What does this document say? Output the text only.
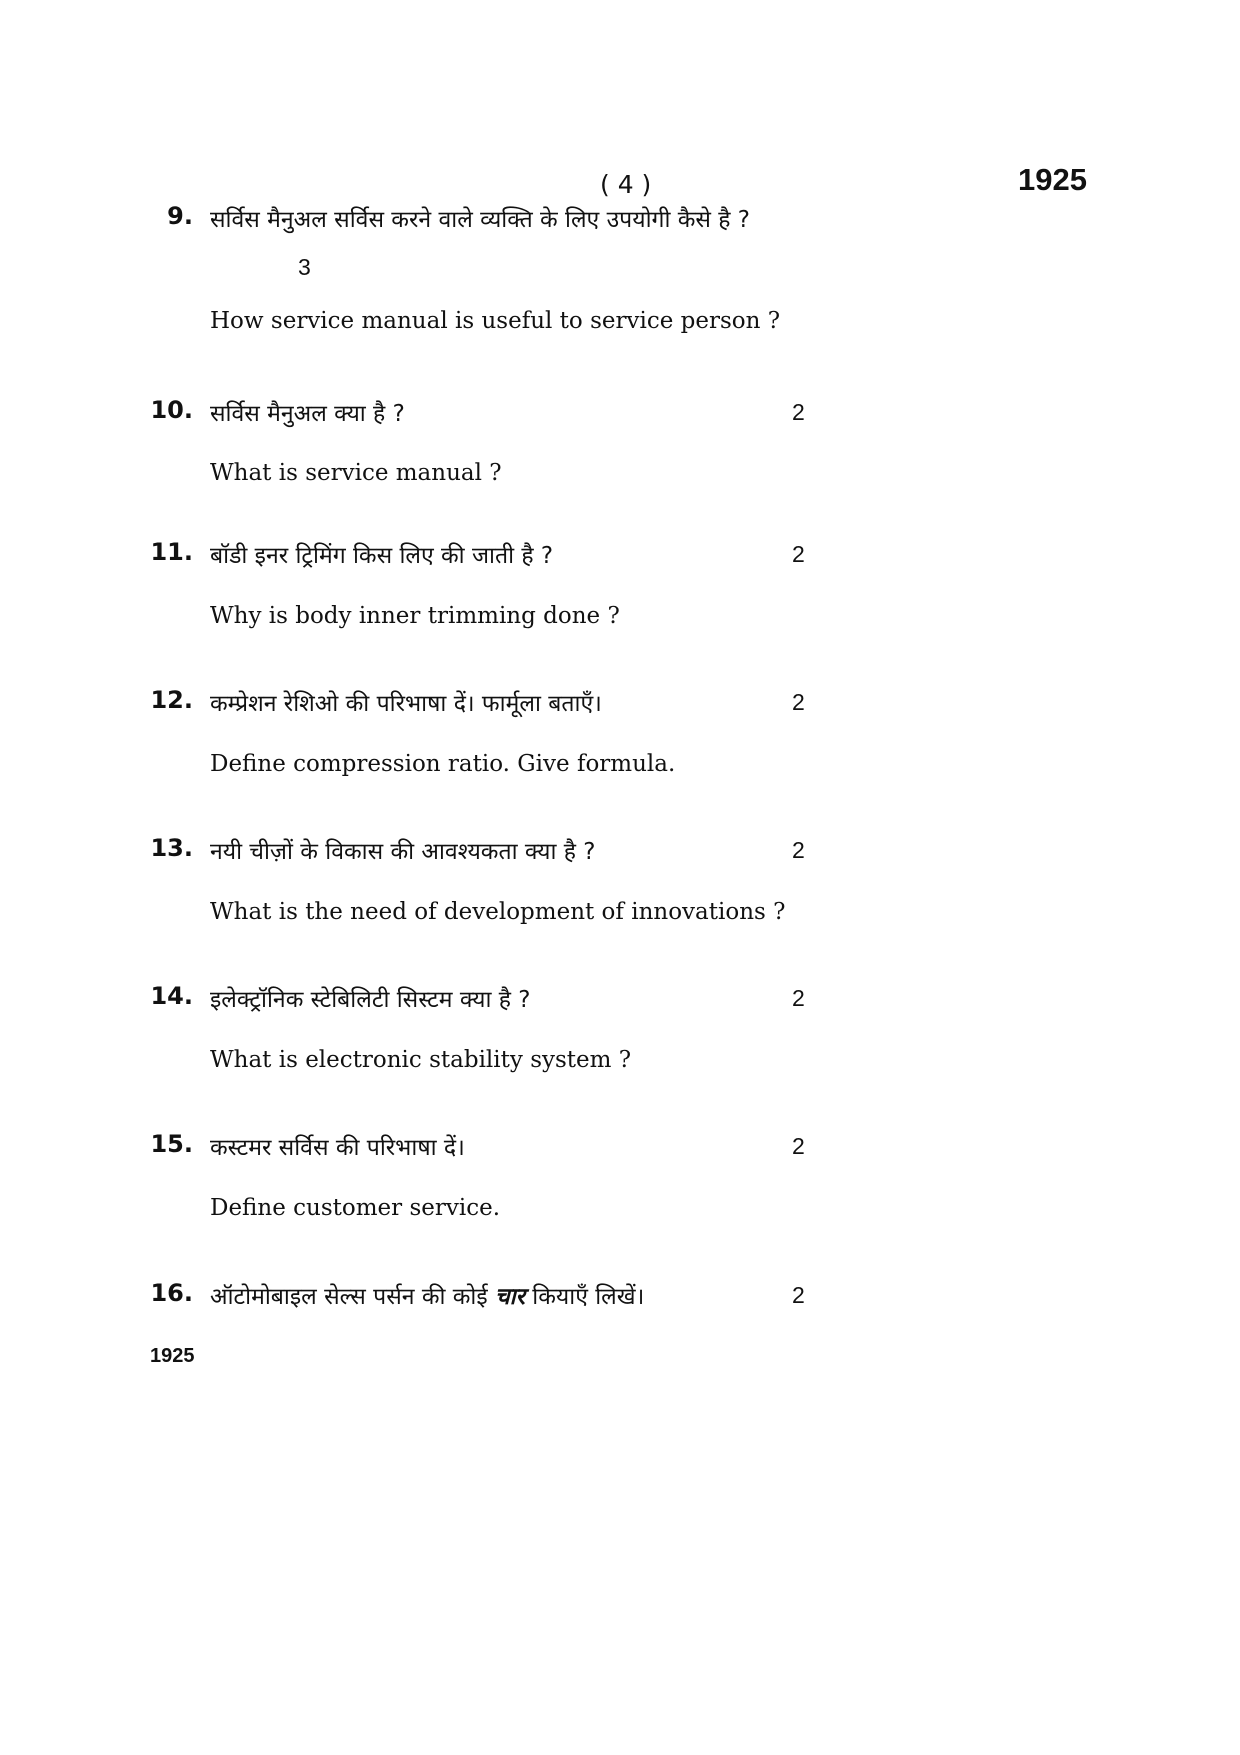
( 4 )	1925
9. सर्विस मैनुअल सर्विस करने वाले व्यक्ति के लिए उपयोगी कैसे है ?
3
How service manual is useful to service person ?
10. सर्विस मैनुअल क्या है ?	2
What is service manual ?
11. बॉडी इनर ट्रिमिंग किस लिए की जाती है ?	2
Why is body inner trimming done ?
12. कम्प्रेशन रेशिओ की परिभाषा दें। फार्मूला बताएँ।	2
Define compression ratio. Give formula.
13. नयी चीज़ों के विकास की आवश्यकता क्या है ?	2
What is the need of development of innovations ?
14. इलेक्ट्रॉनिक स्टेबिलिटी सिस्टम क्या है ?	2
What is electronic stability system ?
15. कस्टमर सर्विस की परिभाषा दें।	2
Define customer service.
16. ऑटोमोबाइल सेल्स पर्सन की कोई चार कियाएँ लिखें।	2
1925
